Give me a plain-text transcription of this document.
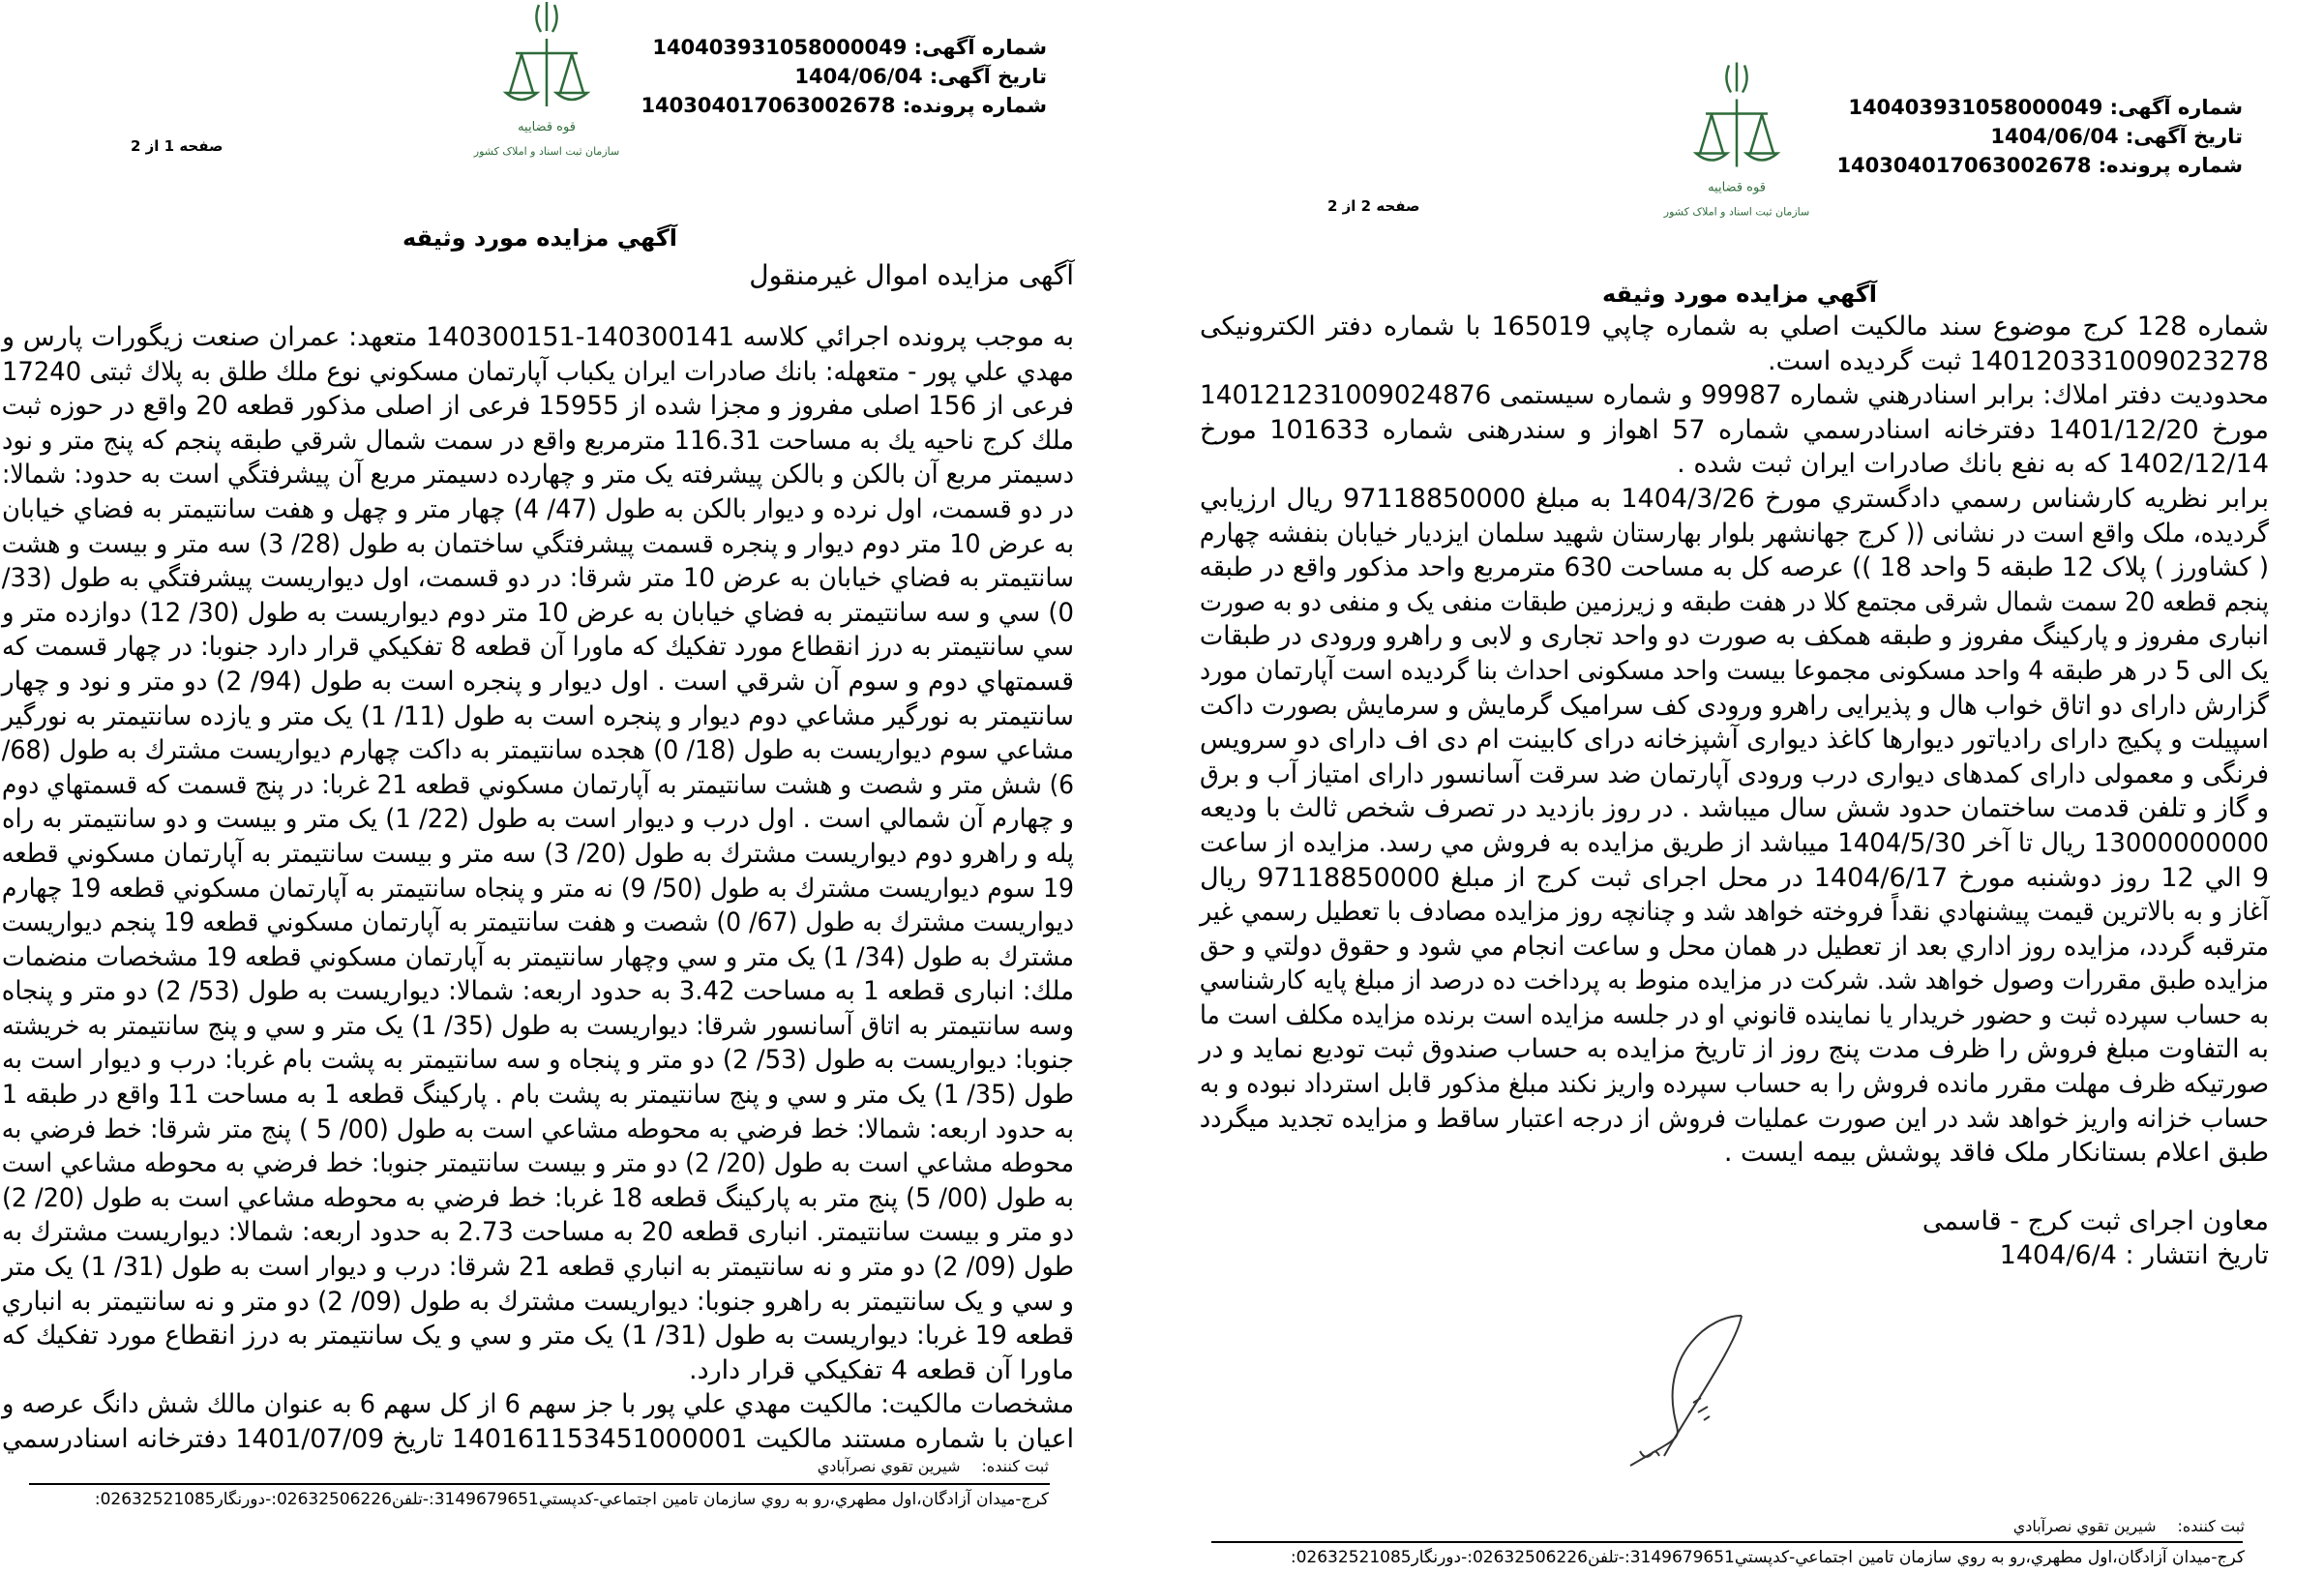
قوه قضاییه
سازمان ثبت اسناد و املاک کشور
شماره آگهی: 140403931058000049
تاریخ آگهی: 1404/06/04
شماره پرونده: 140304017063002678
صفحه 1 از 2
آگهي مزايده مورد وثيقه
آگهی مزایده اموال غیرمنقول
به موجب پرونده اجرائي كلاسه 140300141-140300151 متعهد: عمران صنعت زيگورات پارس و
مهدي علي پور - متعهله: بانك صادرات ايران يكباب آپارتمان مسكوني نوع ملك طلق به پلاك ثبتى 17240
فرعى از 156 اصلى مفروز و مجزا شده از 15955 فرعى از اصلى مذكور قطعه 20 واقع در حوزه ثبت
ملك كرج ناحيه يك به مساحت 116.31 مترمربع واقع در سمت شمال شرقي طبقه پنجم كه پنج متر و نود
دسيمتر مربع آن بالكن و بالكن پيشرفته يک متر و چهارده دسيمتر مربع آن پيشرفتگي است به حدود: شمالا:
در دو قسمت، اول نرده و ديوار بالكن به طول (47/ 4) چهار متر و چهل و هفت سانتيمتر به فضاي خيابان
به عرض 10 متر دوم ديوار و پنجره قسمت پيشرفتگي ساختمان به طول (28/ 3) سه متر و بيست و هشت
سانتيمتر به فضاي خيابان به عرض 10 متر شرقا: در دو قسمت، اول ديواريست پيشرفتگي به طول (33/
0) سي و سه سانتيمتر به فضاي خيابان به عرض 10 متر دوم ديواريست به طول (30/ 12) دوازده متر و
سي سانتيمتر به درز انقطاع مورد تفكيك كه ماورا آن قطعه 8 تفكيكي قرار دارد جنوبا: در چهار قسمت كه
قسمتهاي دوم و سوم آن شرقي است . اول ديوار و پنجره است به طول (94/ 2) دو متر و نود و چهار
سانتيمتر به نورگير مشاعي دوم ديوار و پنجره است به طول (11/ 1) يک متر و يازده سانتيمتر به نورگير
مشاعي سوم ديواريست به طول (18/ 0) هجده سانتيمتر به داكت چهارم ديواريست مشترك به طول (68/
6) شش متر و شصت و هشت سانتيمتر به آپارتمان مسكوني قطعه 21 غربا: در پنج قسمت كه قسمتهاي دوم
و چهارم آن شمالي است . اول درب و ديوار است به طول (22/ 1) يک متر و بيست و دو سانتيمتر به راه
پله و راهرو دوم ديواريست مشترك به طول (20/ 3) سه متر و بيست سانتيمتر به آپارتمان مسكوني قطعه
19 سوم ديواريست مشترك به طول (50/ 9) نه متر و پنجاه سانتيمتر به آپارتمان مسكوني قطعه 19 چهارم
ديواريست مشترك به طول (67/ 0) شصت و هفت سانتيمتر به آپارتمان مسكوني قطعه 19 پنجم ديواريست
مشترك به طول (34/ 1) يک متر و سي وچهار سانتيمتر به آپارتمان مسكوني قطعه 19 مشخصات منضمات
ملك: انبارى قطعه 1 به مساحت 3.42 به حدود اربعه: شمالا: ديواريست به طول (53/ 2) دو متر و پنجاه
وسه سانتيمتر به اتاق آسانسور شرقا: ديواريست به طول (35/ 1) يک متر و سي و پنج سانتيمتر به خريشته
جنوبا: ديواريست به طول (53/ 2) دو متر و پنجاه و سه سانتيمتر به پشت بام غربا: درب و ديوار است به
طول (35/ 1) يک متر و سي و پنج سانتيمتر به پشت بام . پاركينگ قطعه 1 به مساحت 11 واقع در طبقه 1
به حدود اربعه: شمالا: خط فرضي به محوطه مشاعي است به طول (00/ 5 ) پنج متر شرقا: خط فرضي به
محوطه مشاعي است به طول (20/ 2) دو متر و بيست سانتيمتر جنوبا: خط فرضي به محوطه مشاعي است
به طول (00/ 5) پنج متر به پاركينگ قطعه 18 غربا: خط فرضي به محوطه مشاعي است به طول (20/ 2)
دو متر و بيست سانتيمتر. انبارى قطعه 20 به مساحت 2.73 به حدود اربعه: شمالا: ديواريست مشترك به
طول (09/ 2) دو متر و نه سانتيمتر به انباري قطعه 21 شرقا: درب و ديوار است به طول (31/ 1) يک متر
و سي و يک سانتيمتر به راهرو جنوبا: ديواريست مشترك به طول (09/ 2) دو متر و نه سانتيمتر به انباري
قطعه 19 غربا: ديواريست به طول (31/ 1) يک متر و سي و يک سانتيمتر به درز انقطاع مورد تفكيك كه
ماورا آن قطعه 4 تفكيكي قرار دارد.
مشخصات مالكيت: مالكيت مهدي علي پور با جز سهم 6 از كل سهم 6 به عنوان مالك شش دانگ عرصه و
اعيان با شماره مستند مالكيت 140161153451000001 تاريخ 1401/07/09 دفترخانه اسنادرسمي
ثبت کننده:شيرين تقوي نصرآبادي
كرج-ميدان آزادگان،اول مطهري،رو به روي سازمان تامين اجتماعي-كدپستي3149679651:-تلفن02632506226:-دورنگار02632521085:
قوه قضاییه
سازمان ثبت اسناد و املاک کشور
شماره آگهی: 140403931058000049
تاریخ آگهی: 1404/06/04
شماره پرونده: 140304017063002678
صفحه 2 از 2
آگهي مزايده مورد وثيقه
شماره 128 كرج موضوع سند مالكيت اصلي به شماره چاپي 165019 با شماره دفتر الكترونيكى
140120331009023278 ثبت گرديده است.
محدوديت دفتر املاك: برابر اسنادرهني شماره 99987 و شماره سيستمى 140121231009024876
مورخ 1401/12/20 دفترخانه اسنادرسمي شماره 57 اهواز و سندرهنى شماره 101633 مورخ
1402/12/14 كه به نفع بانك صادرات ايران ثبت شده .
برابر نظريه كارشناس رسمي دادگستري مورخ 1404/3/26 به مبلغ 97118850000 ريال ارزيابي
گرديده، ملک واقع است در نشانى (( كرج جهانشهر بلوار بهارستان شهيد سلمان ايزديار خيابان بنفشه چهارم
( كشاورز ) پلاک 12 طبقه 5 واحد 18 )) عرصه كل به مساحت 630 مترمربع واحد مذكور واقع در طبقه
پنجم قطعه 20 سمت شمال شرقى مجتمع كلا در هفت طبقه و زيرزمين طبقات منفى يک و منفى دو به صورت
انبارى مفروز و پاركينگ مفروز و طبقه همكف به صورت دو واحد تجارى و لابى و راهرو ورودى در طبقات
يک الى 5 در هر طبقه 4 واحد مسكونى مجموعا بيست واحد مسكونى احداث بنا گرديده است آپارتمان مورد
گزارش داراى دو اتاق خواب هال و پذيرايى راهرو ورودى كف سراميک گرمايش و سرمايش بصورت داكت
اسپيلت و پكيج داراى رادياتور ديوارها كاغذ ديوارى آشپزخانه دراى كابينت ام دى اف داراى دو سرويس
فرنگى و معمولى داراى كمدهاى ديوارى درب ورودى آپارتمان ضد سرقت آسانسور داراى امتياز آب و برق
و گاز و تلفن قدمت ساختمان حدود شش سال ميباشد . در روز بازديد در تصرف شخص ثالث با وديعه
13000000000 ريال تا آخر 1404/5/30 ميباشد از طريق مزايده به فروش مي رسد. مزايده از ساعت
9 الي 12 روز دوشنبه مورخ 1404/6/17 در محل اجراى ثبت كرج از مبلغ 97118850000 ريال
آغاز و به بالاترين قيمت پيشنهادي نقداً فروخته خواهد شد و چنانچه روز مزايده مصادف با تعطيل رسمي غير
مترقبه گردد، مزايده روز اداري بعد از تعطيل در همان محل و ساعت انجام مي شود و حقوق دولتي و حق
مزايده طبق مقررات وصول خواهد شد. شركت در مزايده منوط به پرداخت ده درصد از مبلغ پايه كارشناسي
به حساب سپرده ثبت و حضور خريدار يا نماينده قانوني او در جلسه مزايده است برنده مزايده مكلف است ما
به التفاوت مبلغ فروش را ظرف مدت پنج روز از تاريخ مزايده به حساب صندوق ثبت توديع نمايد و در
صورتيكه ظرف مهلت مقرر مانده فروش را به حساب سپرده واريز نكند مبلغ مذكور قابل استرداد نبوده و به
حساب خزانه واريز خواهد شد در اين صورت عمليات فروش از درجه اعتبار ساقط و مزايده تجديد ميگردد
طبق اعلام بستانكار ملک فاقد پوشش بيمه ايست .
معاون اجراى ثبت كرج - قاسمى
تاريخ انتشار : 1404/6/4
ثبت کننده:شيرين تقوي نصرآبادي
كرج-ميدان آزادگان،اول مطهري،رو به روي سازمان تامين اجتماعي-كدپستي3149679651:-تلفن02632506226:-دورنگار02632521085:
